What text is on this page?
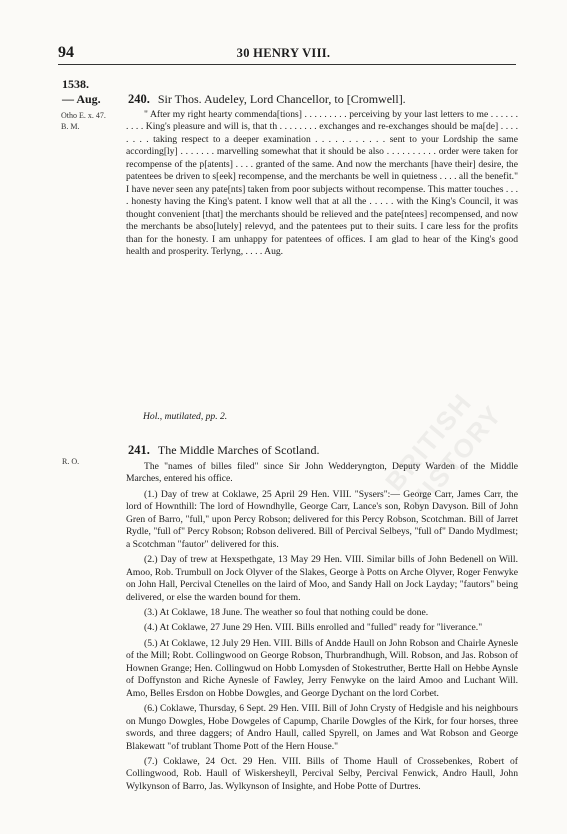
94	30 HENRY VIII.
1538.
— Aug.
Otho E. x. 47.
B. M.
240. Sir Thos. Audeley, Lord Chancellor, to [Cromwell].

" After my right hearty commenda[tions] . . . . . . . . . perceiving by your last letters to me . . . . . . . . . . King's pleasure and will is, that th . . . . . . . . exchanges and re-exchanges should be ma[de] . . . . . . . . taking respect to a deeper examination . . . . . . . . . . . sent to your Lordship the same according[ly] . . . . . . . marvelling somewhat that it should be also . . . . . . . . . . order were taken for recompense of the p[atents] . . . . granted of the same. And now the merchants [have their] desire, the patentees be driven to s[eek] recompense, and the merchants be well in quietness . . . . all the benefit." I have never seen any pate[nts] taken from poor subjects without recompense. This matter touches . . . . honesty having the King's patent. I know well that at all the . . . . . with the King's Council, it was thought convenient [that] the merchants should be relieved and the pate[ntees] recompensed, and now the merchants be abso[lutely] relevyd, and the patentees put to their suits. I care less for the profits than for the honesty. I am unhappy for patentees of offices. I am glad to hear of the King's good health and prosperity. Terlyng, . . . . Aug.

Hol., mutilated, pp. 2.
241. The Middle Marches of Scotland.
R. O.	The "names of billes filed" since Sir John Wedderyngton, Deputy Warden of the Middle Marches, entered his office.

(1.) Day of trew at Coklawe, 25 April 29 Hen. VIII. "Sysers":— George Carr, James Carr, the lord of Hownthill: The lord of Howndhylle, George Carr, Lance's son, Robyn Davyson. Bill of John Gren of Barro, "full," upon Percy Robson; delivered for this Percy Robson, Scotchman. Bill of Jarret Rydle, "full of" Percy Robson; Robson delivered. Bill of Percival Selbeys, "full of" Dando Mydlmest; a Scotchman "fautor" delivered for this.

(2.) Day of trew at Hexspethgate, 13 May 29 Hen. VIII. Similar bills of John Bedenell on Will. Amoo, Rob. Trumbull on Jock Olyver of the Slakes, George à Potts on Arche Olyver, Roger Fenwyke on John Hall, Percival Ctenelles on the laird of Moo, and Sandy Hall on Jock Layday; "fautors" being delivered, or else the warden bound for them.

(3.) At Coklawe, 18 June. The weather so foul that nothing could be done.

(4.) At Coklawe, 27 June 29 Hen. VIII. Bills enrolled and "fulled" ready for "liverance."

(5.) At Coklawe, 12 July 29 Hen. VIII. Bills of Andde Haull on John Robson and Chairle Aynesle of the Mill; Robt. Collingwood on George Robson, Thurbrandhugh, Will. Robson, and Jas. Robson of Hownen Grange; Hen. Collingwud on Hobb Lomysden of Stokestruther, Bertte Hall on Hebbe Aynsle of Doffynston and Riche Aynesle of Fawley, Jerry Fenwyke on the laird Amoo and Luchant Will. Amo, Belles Ersdon on Hobbe Dowgles, and George Dychant on the lord Corbet.

(6.) Coklawe, Thursday, 6 Sept. 29 Hen. VIII. Bill of John Crysty of Hedgisle and his neighbours on Mungo Dowgles, Hobe Dowgeles of Capump, Charile Dowgles of the Kirk, for four horses, three swords, and three daggers; of Andro Haull, called Spyrell, on James and Wat Robson and George Blakewatt "of trublant Thome Pott of the Hern House."

(7.) Coklawe, 24 Oct. 29 Hen. VIII. Bills of Thome Haull of Crossebenkes, Robert of Collingwood, Rob. Haull of Wiskersheyll, Percival Selby, Percival Fenwick, Andro Haull, John Wylkynson of Barro, Jas. Wylkynson of Insighte, and Hobe Potte of Durtres.

BRITISH HISTORY
